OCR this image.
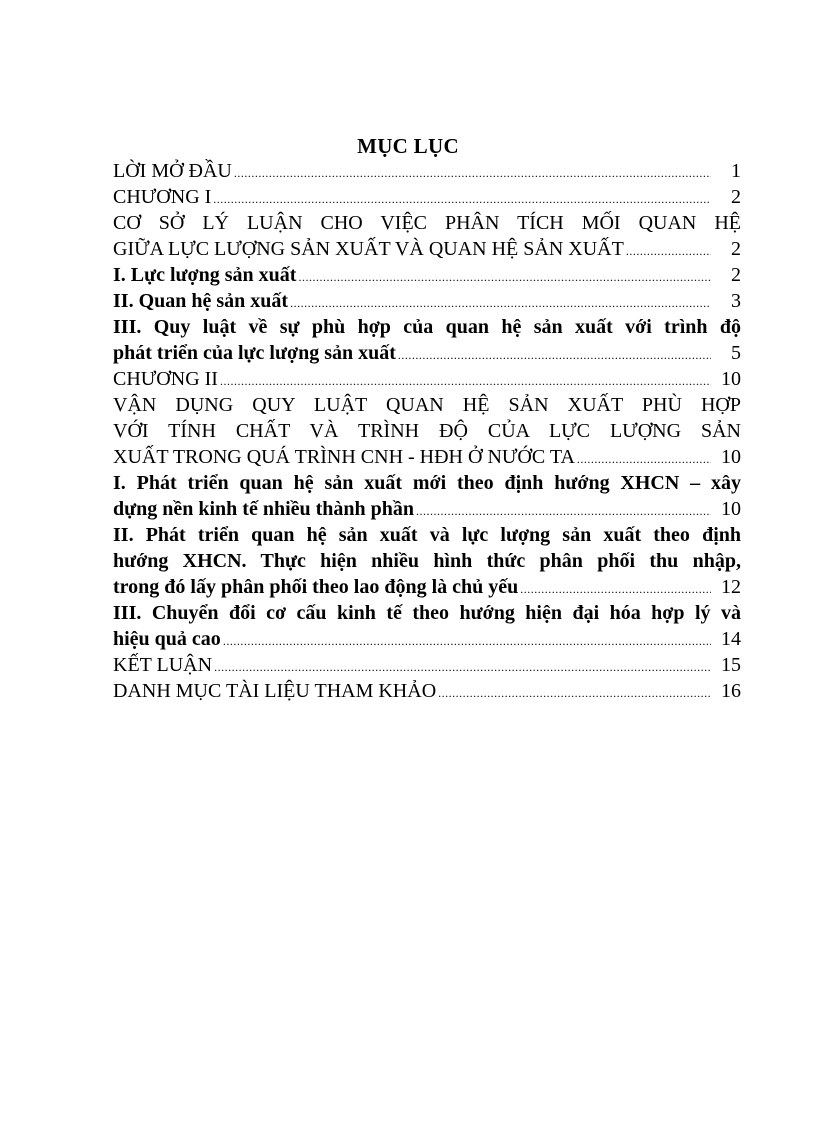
MỤC LỤC
LỜI MỞ ĐẦU .....	1
CHƯƠNG I .....	2
CƠ SỞ LÝ LUẬN CHO VIỆC PHÂN TÍCH MỐI QUAN HỆ
GIỮA LỰC LƯỢNG SẢN XUẤT VÀ QUAN HỆ SẢN XUẤT .....	2
I. Lực lượng sản xuất .....	2
II. Quan hệ sản xuất .....	3
III. Quy luật về sự phù hợp của quan hệ sản xuất với trình độ
phát triển của lực lượng sản xuất .....	5
CHƯƠNG II .....	10
VẬN DỤNG QUY LUẬT QUAN HỆ SẢN XUẤT PHÙ HỢP
VỚI TÍNH CHẤT VÀ TRÌNH ĐỘ CỦA LỰC LƯỢNG SẢN
XUẤT TRONG QUÁ TRÌNH CNH - HĐH Ở NƯỚC TA .....	10
I. Phát triển quan hệ sản xuất mới theo định hướng XHCN – xây
dựng nền kinh tế nhiều thành phần .....	10
II. Phát triển quan hệ sản xuất và lực lượng sản xuất theo định
hướng XHCN. Thực hiện nhiều hình thức phân phối thu nhập,
trong đó lấy phân phối theo lao động là chủ yếu .....	12
III. Chuyển đổi cơ cấu kinh tế theo hướng hiện đại hóa hợp lý và
hiệu quả cao .....	14
KẾT LUẬN .....	15
DANH MỤC TÀI LIỆU THAM KHẢO .....	16
